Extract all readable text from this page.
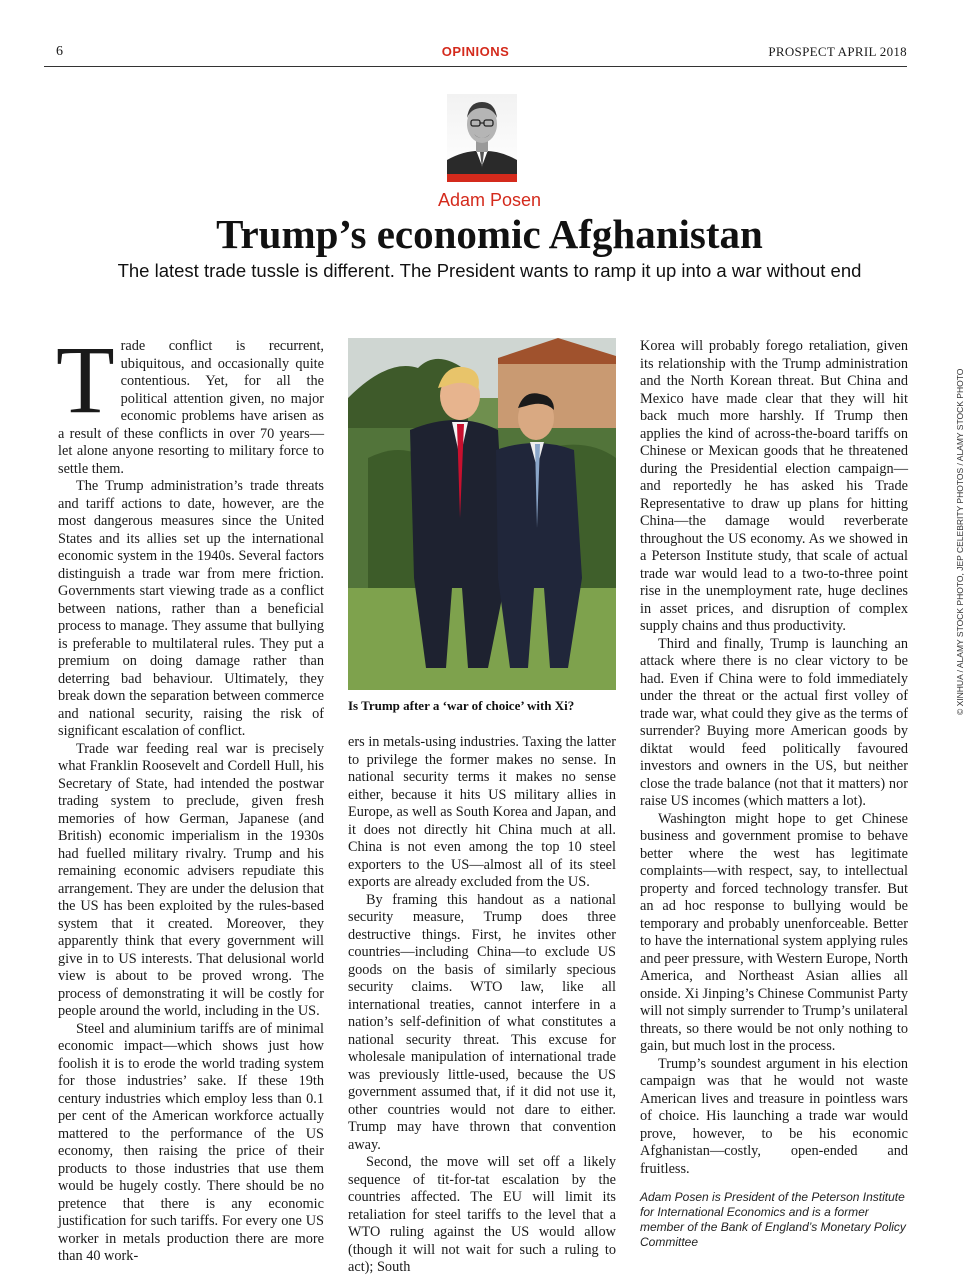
6	OPINIONS	PROSPECT APRIL 2018
Adam Posen
Trump’s economic Afghanistan
The latest trade tussle is different. The President wants to ramp it up into a war without end

Trade conflict is recurrent, ubiquitous, and occasionally quite contentious. Yet, for all the political attention given, no major economic problems have arisen as a result of these conflicts in over 70 years—let alone anyone resorting to military force to settle them.

The Trump administration’s trade threats and tariff actions to date, however, are the most dangerous measures since the United States and its allies set up the international economic system in the 1940s. Several factors distinguish a trade war from mere friction. Governments start viewing trade as a conflict between nations, rather than a beneficial process to manage. They assume that bullying is preferable to multilateral rules. They put a premium on doing damage rather than deterring bad behaviour. Ultimately, they break down the separation between commerce and national security, raising the risk of significant escalation of conflict.

Trade war feeding real war is precisely what Franklin Roosevelt and Cordell Hull, his Secretary of State, had intended the postwar trading system to preclude, given fresh memories of how German, Japanese (and British) economic imperialism in the 1930s had fuelled military rivalry. Trump and his remaining economic advisers repudiate this arrangement. They are under the delusion that the US has been exploited by the rules-based system that it created. Moreover, they apparently think that every government will give in to US interests. That delusional world view is about to be proved wrong. The process of demonstrating it will be costly for people around the world, including in the US.

Steel and aluminium tariffs are of minimal economic impact—which shows just how foolish it is to erode the world trading system for those industries’ sake. If these 19th century industries which employ less than 0.1 per cent of the American workforce actually mattered to the performance of the US economy, then raising the price of their products to those industries that use them would be hugely costly. There should be no pretence that there is any economic justification for such tariffs. For every one US worker in metals production there are more than 40 work-

Is Trump after a ‘war of choice’ with Xi?	© XINHUA / ALAMY STOCK PHOTO, JEP CELEBRITY PHOTOS / ALAMY STOCK PHOTO

ers in metals-using industries. Taxing the latter to privilege the former makes no sense. In national security terms it makes no sense either, because it hits US military allies in Europe, as well as South Korea and Japan, and it does not directly hit China much at all. China is not even among the top 10 steel exporters to the US—almost all of its steel exports are already excluded from the US.

By framing this handout as a national security measure, Trump does three destructive things. First, he invites other countries—including China—to exclude US goods on the basis of similarly specious security claims. WTO law, like all international treaties, cannot interfere in a nation’s self-definition of what constitutes a national security threat. This excuse for wholesale manipulation of international trade was previously little-used, because the US government assumed that, if it did not use it, other countries would not dare to either. Trump may have thrown that convention away.

Second, the move will set off a likely sequence of tit-for-tat escalation by the countries affected. The EU will limit its retaliation for steel tariffs to the level that a WTO ruling against the US would allow (though it will not wait for such a ruling to act); South

Korea will probably forego retaliation, given its relationship with the Trump administration and the North Korean threat. But China and Mexico have made clear that they will hit back much more harshly. If Trump then applies the kind of across-the-board tariffs on Chinese or Mexican goods that he threatened during the Presidential election campaign—and reportedly he has asked his Trade Representative to draw up plans for hitting China—the damage would reverberate throughout the US economy. As we showed in a Peterson Institute study, that scale of actual trade war would lead to a two-to-three point rise in the unemployment rate, huge declines in asset prices, and disruption of complex supply chains and thus productivity.

Third and finally, Trump is launching an attack where there is no clear victory to be had. Even if China were to fold immediately under the threat or the actual first volley of trade war, what could they give as the terms of surrender? Buying more American goods by diktat would feed politically favoured investors and owners in the US, but neither close the trade balance (not that it matters) nor raise US incomes (which matters a lot).

Washington might hope to get Chinese business and government promise to behave better where the west has legitimate complaints—with respect, say, to intellectual property and forced technology transfer. But an ad hoc response to bullying would be temporary and probably unenforceable. Better to have the international system applying rules and peer pressure, with Western Europe, North America, and Northeast Asian allies all onside. Xi Jinping’s Chinese Communist Party will not simply surrender to Trump’s unilateral threats, so there would be not only nothing to gain, but much lost in the process.

Trump’s soundest argument in his election campaign was that he would not waste American lives and treasure in pointless wars of choice. His launching a trade war would prove, however, to be his economic Afghanistan—costly, open-ended and fruitless.

Adam Posen is President of the Peterson Institute for International Economics and is a former member of the Bank of England’s Monetary Policy Committee
